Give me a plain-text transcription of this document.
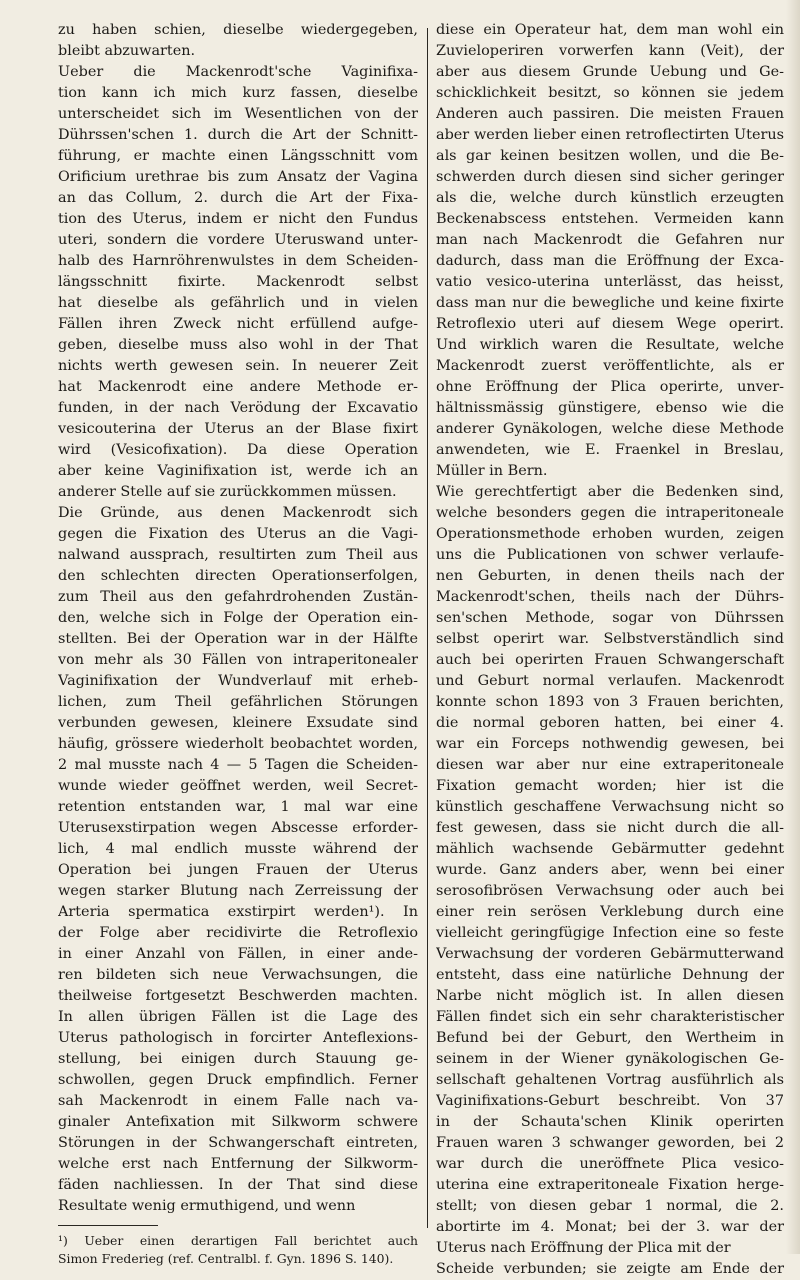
zu haben schien, dieselbe wiedergegeben,
bleibt abzuwarten.
Ueber die Mackenrodt'sche Vaginifixa-
tion kann ich mich kurz fassen, dieselbe
unterscheidet sich im Wesentlichen von der
Dührssen'schen 1. durch die Art der Schnitt-
führung, er machte einen Längsschnitt vom
Orificium urethrae bis zum Ansatz der Vagina
an das Collum, 2. durch die Art der Fixa-
tion des Uterus, indem er nicht den Fundus
uteri, sondern die vordere Uteruswand unter-
halb des Harnröhrenwulstes in dem Scheiden-
längsschnitt fixirte. Mackenrodt selbst
hat dieselbe als gefährlich und in vielen
Fällen ihren Zweck nicht erfüllend aufge-
geben, dieselbe muss also wohl in der That
nichts werth gewesen sein. In neuerer Zeit
hat Mackenrodt eine andere Methode er-
funden, in der nach Verödung der Excavatio
vesicouterina der Uterus an der Blase fixirt
wird (Vesicofixation). Da diese Operation
aber keine Vaginifixation ist, werde ich an
anderer Stelle auf sie zurückkommen müssen.
Die Gründe, aus denen Mackenrodt sich
gegen die Fixation des Uterus an die Vagi-
nalwand aussprach, resultirten zum Theil aus
den schlechten directen Operationserfolgen,
zum Theil aus den gefahrdrohenden Zustän-
den, welche sich in Folge der Operation ein-
stellten. Bei der Operation war in der Hälfte
von mehr als 30 Fällen von intraperitonealer
Vaginifixation der Wundverlauf mit erheb-
lichen, zum Theil gefährlichen Störungen
verbunden gewesen, kleinere Exsudate sind
häufig, grössere wiederholt beobachtet worden,
2 mal musste nach 4 — 5 Tagen die Scheiden-
wunde wieder geöffnet werden, weil Secret-
retention entstanden war, 1 mal war eine
Uterusexstirpation wegen Abscesse erforder-
lich, 4 mal endlich musste während der
Operation bei jungen Frauen der Uterus
wegen starker Blutung nach Zerreissung der
Arteria spermatica exstirpirt werden¹). In
der Folge aber recidivirte die Retroflexio
in einer Anzahl von Fällen, in einer ande-
ren bildeten sich neue Verwachsungen, die
theilweise fortgesetzt Beschwerden machten.
In allen übrigen Fällen ist die Lage des
Uterus pathologisch in forcirter Anteflexions-
stellung, bei einigen durch Stauung ge-
schwollen, gegen Druck empfindlich. Ferner
sah Mackenrodt in einem Falle nach va-
ginaler Antefixation mit Silkworm schwere
Störungen in der Schwangerschaft eintreten,
welche erst nach Entfernung der Silkworm-
fäden nachliessen. In der That sind diese
Resultate wenig ermuthigend, und wenn
¹) Ueber einen derartigen Fall berichtet auch
Simon Frederieg (ref. Centralbl. f. Gyn. 1896 S. 140).
diese ein Operateur hat, dem man wohl ein
Zuvieloperiren vorwerfen kann (Veit), der
aber aus diesem Grunde Uebung und Ge-
schicklichkeit besitzt, so können sie jedem
Anderen auch passiren. Die meisten Frauen
aber werden lieber einen retroflectirten Uterus
als gar keinen besitzen wollen, und die Be-
schwerden durch diesen sind sicher geringer
als die, welche durch künstlich erzeugten
Beckenabscess entstehen. Vermeiden kann
man nach Mackenrodt die Gefahren nur
dadurch, dass man die Eröffnung der Exca-
vatio vesico-uterina unterlässt, das heisst,
dass man nur die bewegliche und keine fixirte
Retroflexio uteri auf diesem Wege operirt.
Und wirklich waren die Resultate, welche
Mackenrodt zuerst veröffentlichte, als er
ohne Eröffnung der Plica operirte, unver-
hältnissmässig günstigere, ebenso wie die
anderer Gynäkologen, welche diese Methode
anwendeten, wie E. Fraenkel in Breslau,
Müller in Bern.
Wie gerechtfertigt aber die Bedenken sind,
welche besonders gegen die intraperitoneale
Operationsmethode erhoben wurden, zeigen
uns die Publicationen von schwer verlaufe-
nen Geburten, in denen theils nach der
Mackenrodt'schen, theils nach der Dührs-
sen'schen Methode, sogar von Dührssen
selbst operirt war. Selbstverständlich sind
auch bei operirten Frauen Schwangerschaft
und Geburt normal verlaufen. Mackenrodt
konnte schon 1893 von 3 Frauen berichten,
die normal geboren hatten, bei einer 4.
war ein Forceps nothwendig gewesen, bei
diesen war aber nur eine extraperitoneale
Fixation gemacht worden; hier ist die
künstlich geschaffene Verwachsung nicht so
fest gewesen, dass sie nicht durch die all-
mählich wachsende Gebärmutter gedehnt
wurde. Ganz anders aber, wenn bei einer
serosofibrösen Verwachsung oder auch bei
einer rein serösen Verklebung durch eine
vielleicht geringfügige Infection eine so feste
Verwachsung der vorderen Gebärmutterwand
entsteht, dass eine natürliche Dehnung der
Narbe nicht möglich ist. In allen diesen
Fällen findet sich ein sehr charakteristischer
Befund bei der Geburt, den Wertheim in
seinem in der Wiener gynäkologischen Ge-
sellschaft gehaltenen Vortrag ausführlich als
Vaginifixations-Geburt beschreibt. Von 37
in der Schauta'schen Klinik operirten
Frauen waren 3 schwanger geworden, bei 2
war durch die uneröffnete Plica vesico-
uterina eine extraperitoneale Fixation herge-
stellt; von diesen gebar 1 normal, die 2.
abortirte im 4. Monat; bei der 3. war der
Uterus nach Eröffnung der Plica mit der
Scheide verbunden; sie zeigte am Ende der
